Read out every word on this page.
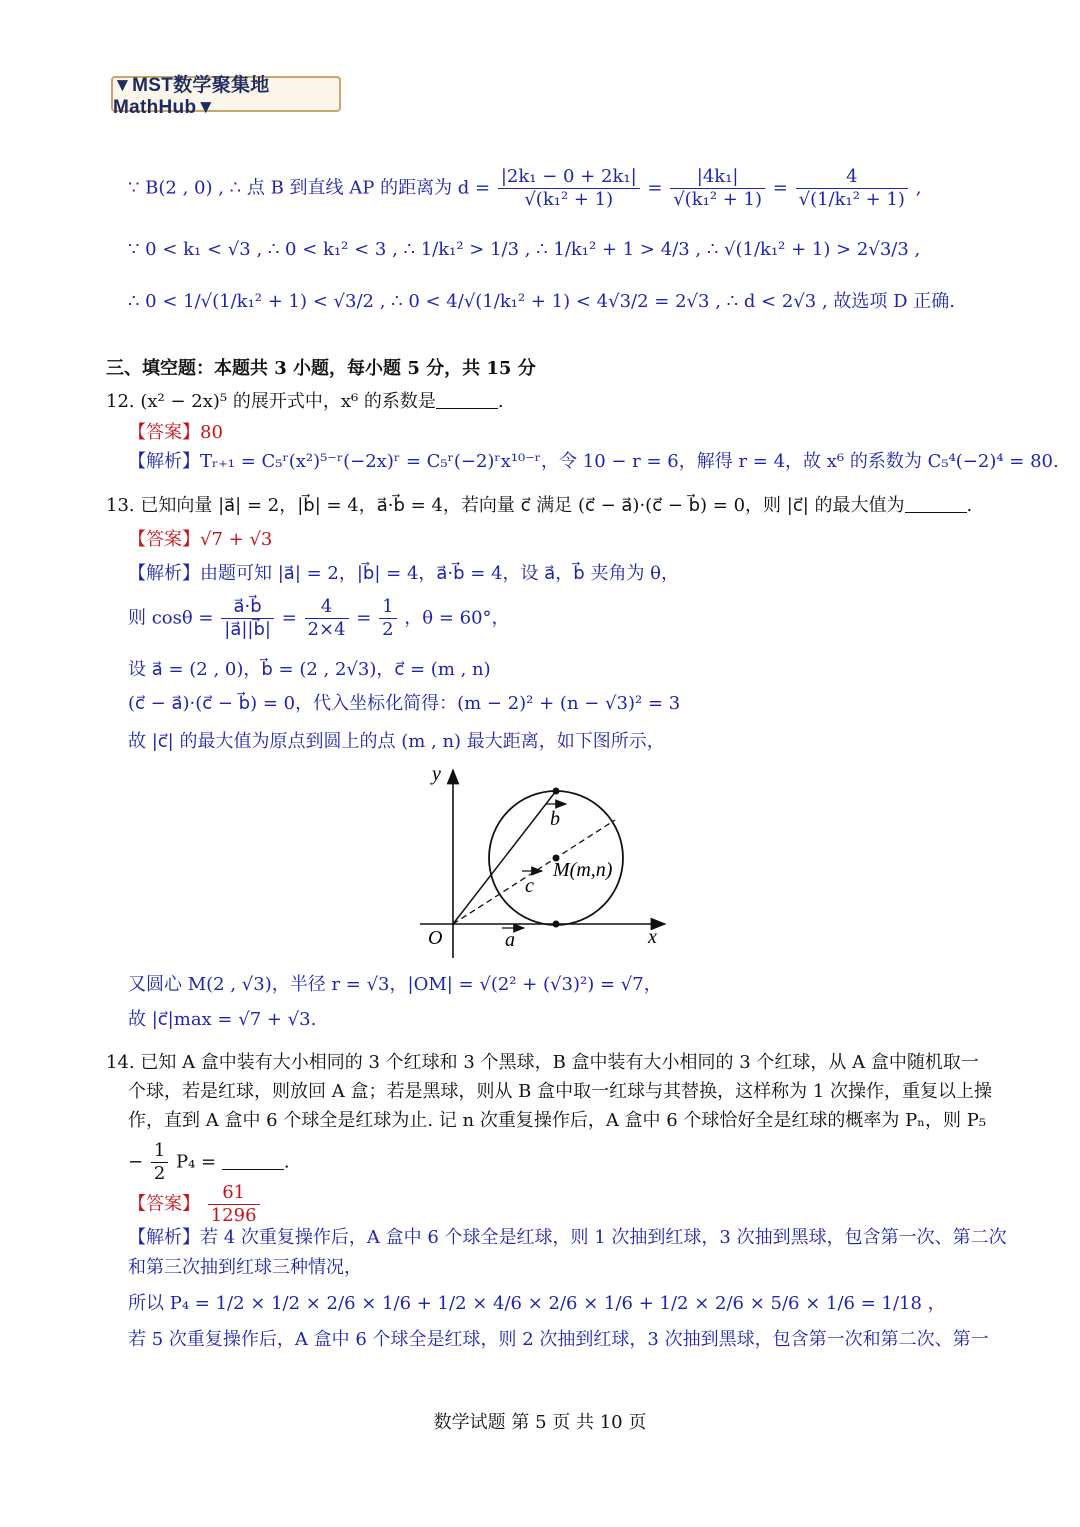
▼MST数学聚集地MathHub▼
∵ B(2 , 0) , ∴ 点 B 到直线 AP 的距离为 $d = \frac{\text{|2k₁ − 0 + 2k₁|}}{\text{√(k₁² + 1)}} = \frac{\text{|4k₁|}}{\text{√(k₁² + 1)}} = \frac{4}{\text{√(1/k₁² + 1)}}$ ,
∵ 0 < k₁ < √3 , ∴ 0 < k₁² < 3 , ∴ 1/k₁² > 1/3 , ∴ 1/k₁² + 1 > 4/3 , ∴ √(1/k₁² + 1) > 2√3/3 ,
∴ 0 < 1/√(1/k₁² + 1) < √3/2 , ∴ 0 < 4/√(1/k₁² + 1) < 4√3/2 = 2√3 , ∴ d < 2√3 , 故选项 D 正确.
三、填空题：本题共 3 小题，每小题 5 分，共 15 分
12. (x² − 2x)⁵ 的展开式中，x⁶ 的系数是	.
【答案】80
【解析】Tᵣ₊₁ = C₅ʳ(x²)⁵⁻ʳ(−2x)ʳ = C₅ʳ(−2)ʳx¹⁰⁻ʳ，令 10 − r = 6，解得 r = 4，故 x⁶ 的系数为 C₅⁴(−2)⁴ = 80.
13. 已知向量 |a⃗| = 2，|b⃗| = 4，a⃗·b⃗ = 4，若向量 c⃗ 满足 (c⃗ − a⃗)·(c⃗ − b⃗) = 0，则 |c⃗| 的最大值为	.
【答案】√7 + √3
【解析】由题可知 |a⃗| = 2，|b⃗| = 4，a⃗·b⃗ = 4，设 a⃗，b⃗ 夹角为 θ，
则 $\cos\theta = \frac{a⃗\cdot b⃗}{|a⃗||b⃗|} = \frac{4}{2\times 4} = \frac{1}{2}$ ，θ = 60°，
设 a⃗ = (2 , 0)，b⃗ = (2 , 2√3)，c⃗ = (m , n)
(c⃗ − a⃗)·(c⃗ − b⃗) = 0，代入坐标化简得：(m − 2)² + (n − √3)² = 3
故 |c⃗| 的最大值为原点到圆上的点 (m , n) 最大距离，如下图所示，
y
x
O
b
c
a
M(m,n)
又圆心 M(2 , √3)，半径 r = √3，|OM| = √(2² + (√3)²) = √7，
故 |c⃗|max = √7 + √3.
14. 已知 A 盒中装有大小相同的 3 个红球和 3 个黑球，B 盒中装有大小相同的 3 个红球，从 A 盒中随机取一
个球，若是红球，则放回 A 盒；若是黑球，则从 B 盒中取一红球与其替换，这样称为 1 次操作，重复以上操
作，直到 A 盒中 6 个球全是红球为止. 记 n 次重复操作后，A 盒中 6 个球恰好全是红球的概率为 Pₙ，则 P₅
− $\frac{1}{2} P_4$ =	.
【答案】 $\frac{61}{1296}$
【解析】若 4 次重复操作后，A 盒中 6 个球全是红球，则 1 次抽到红球，3 次抽到黑球，包含第一次、第二次
和第三次抽到红球三种情况，
所以 P₄ = 1/2 × 1/2 × 2/6 × 1/6 + 1/2 × 4/6 × 2/6 × 1/6 + 1/2 × 2/6 × 5/6 × 1/6 = 1/18 ，
若 5 次重复操作后，A 盒中 6 个球全是红球，则 2 次抽到红球，3 次抽到黑球，包含第一次和第二次、第一
数学试题 第 5 页 共 10 页
